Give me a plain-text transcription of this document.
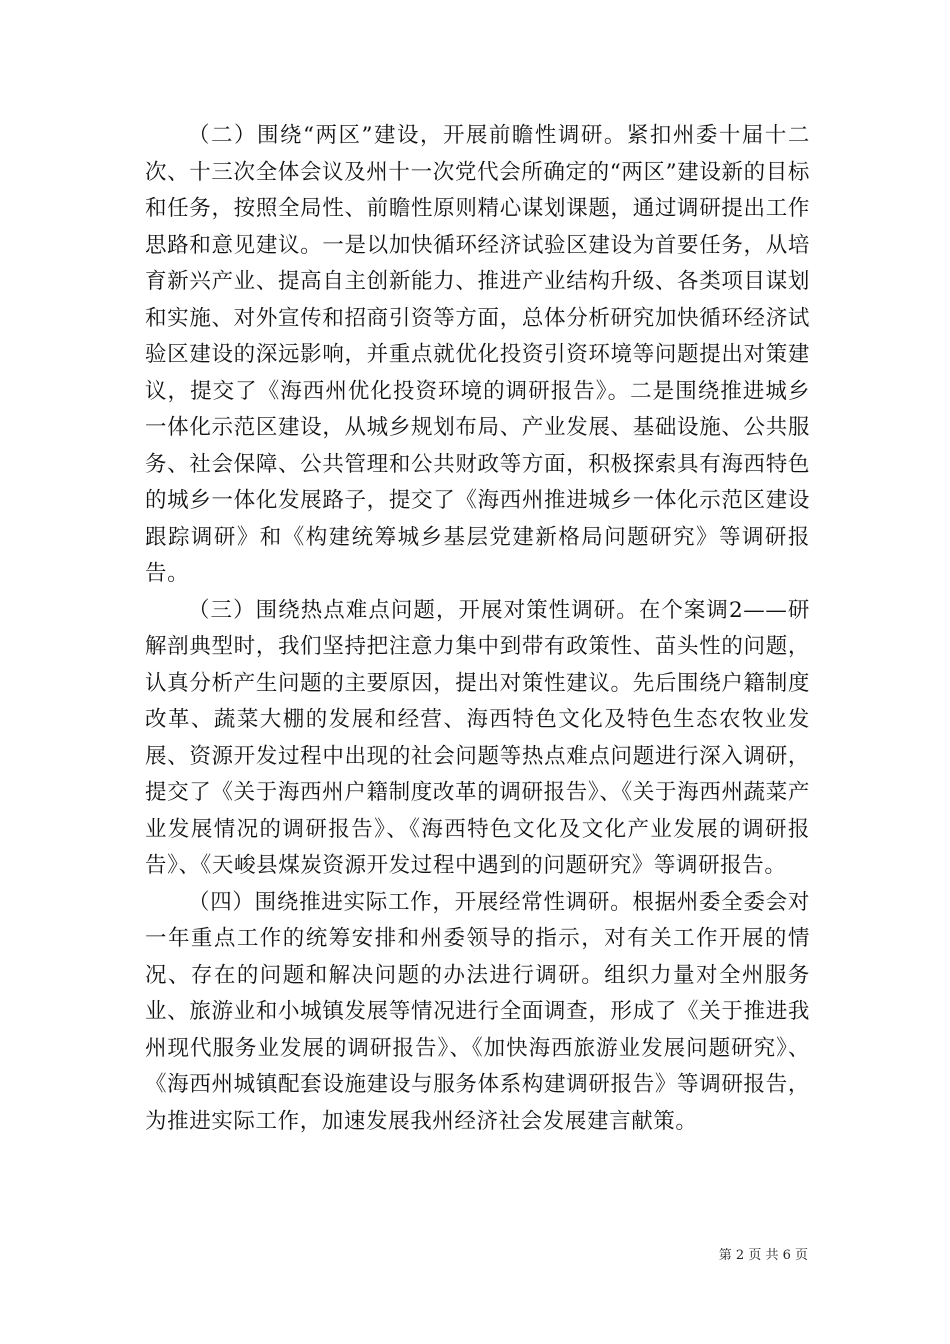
（二）围绕“两区”建设，开展前瞻性调研。紧扣州委十届十二次、十三次全体会议及州十一次党代会所确定的“两区”建设新的目标和任务，按照全局性、前瞻性原则精心谋划课题，通过调研提出工作思路和意见建议。一是以加快循环经济试验区建设为首要任务，从培育新兴产业、提高自主创新能力、推进产业结构升级、各类项目谋划和实施、对外宣传和招商引资等方面，总体分析研究加快循环经济试验区建设的深远影响，并重点就优化投资引资环境等问题提出对策建议，提交了《海西州优化投资环境的调研报告》。二是围绕推进城乡一体化示范区建设，从城乡规划布局、产业发展、基础设施、公共服务、社会保障、公共管理和公共财政等方面，积极探索具有海西特色的城乡一体化发展路子，提交了《海西州推进城乡一体化示范区建设跟踪调研》和《构建统筹城乡基层党建新格局问题研究》等调研报告。

（三）围绕热点难点问题，开展对策性调研。在个案调2——研解剖典型时，我们坚持把注意力集中到带有政策性、苗头性的问题，认真分析产生问题的主要原因，提出对策性建议。先后围绕户籍制度改革、蔬菜大棚的发展和经营、海西特色文化及特色生态农牧业发展、资源开发过程中出现的社会问题等热点难点问题进行深入调研，提交了《关于海西州户籍制度改革的调研报告》、《关于海西州蔬菜产业发展情况的调研报告》、《海西特色文化及文化产业发展的调研报告》、《天峻县煤炭资源开发过程中遇到的问题研究》等调研报告。

（四）围绕推进实际工作，开展经常性调研。根据州委全委会对一年重点工作的统筹安排和州委领导的指示，对有关工作开展的情况、存在的问题和解决问题的办法进行调研。组织力量对全州服务业、旅游业和小城镇发展等情况进行全面调查，形成了《关于推进我州现代服务业发展的调研报告》、《加快海西旅游业发展问题研究》、《海西州城镇配套设施建设与服务体系构建调研报告》等调研报告，为推进实际工作，加速发展我州经济社会发展建言献策。

第 2 页 共 6 页
